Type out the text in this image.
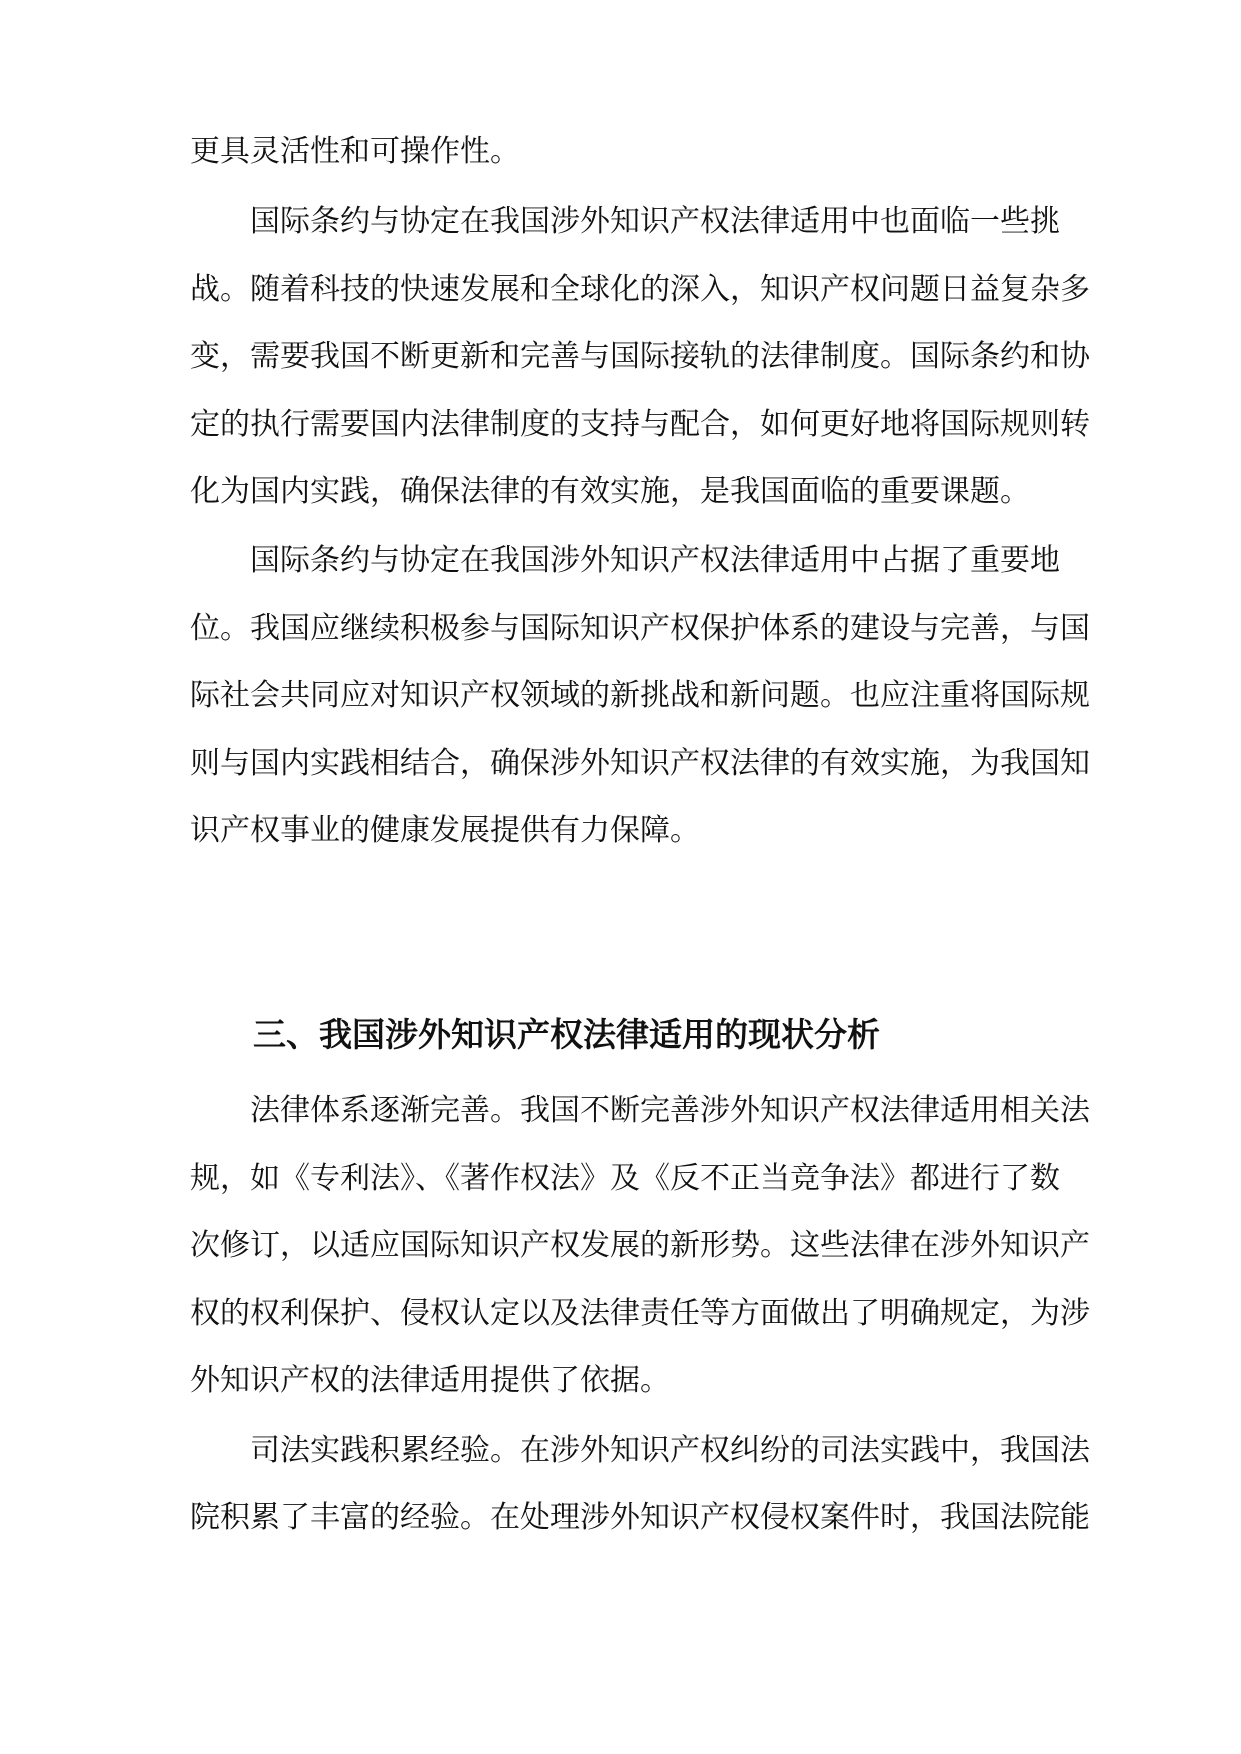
更具灵活性和可操作性。

国际条约与协定在我国涉外知识产权法律适用中也面临一些挑

战。随着科技的快速发展和全球化的深入，知识产权问题日益复杂多

变，需要我国不断更新和完善与国际接轨的法律制度。国际条约和协

定的执行需要国内法律制度的支持与配合，如何更好地将国际规则转

化为国内实践，确保法律的有效实施，是我国面临的重要课题。

国际条约与协定在我国涉外知识产权法律适用中占据了重要地

位。我国应继续积极参与国际知识产权保护体系的建设与完善，与国

际社会共同应对知识产权领域的新挑战和新问题。也应注重将国际规

则与国内实践相结合，确保涉外知识产权法律的有效实施，为我国知

识产权事业的健康发展提供有力保障。

三、我国涉外知识产权法律适用的现状分析

法律体系逐渐完善。我国不断完善涉外知识产权法律适用相关法

规，如《专利法》、《著作权法》及《反不正当竞争法》都进行了数

次修订，以适应国际知识产权发展的新形势。这些法律在涉外知识产

权的权利保护、侵权认定以及法律责任等方面做出了明确规定，为涉

外知识产权的法律适用提供了依据。

司法实践积累经验。在涉外知识产权纠纷的司法实践中，我国法

院积累了丰富的经验。在处理涉外知识产权侵权案件时，我国法院能
